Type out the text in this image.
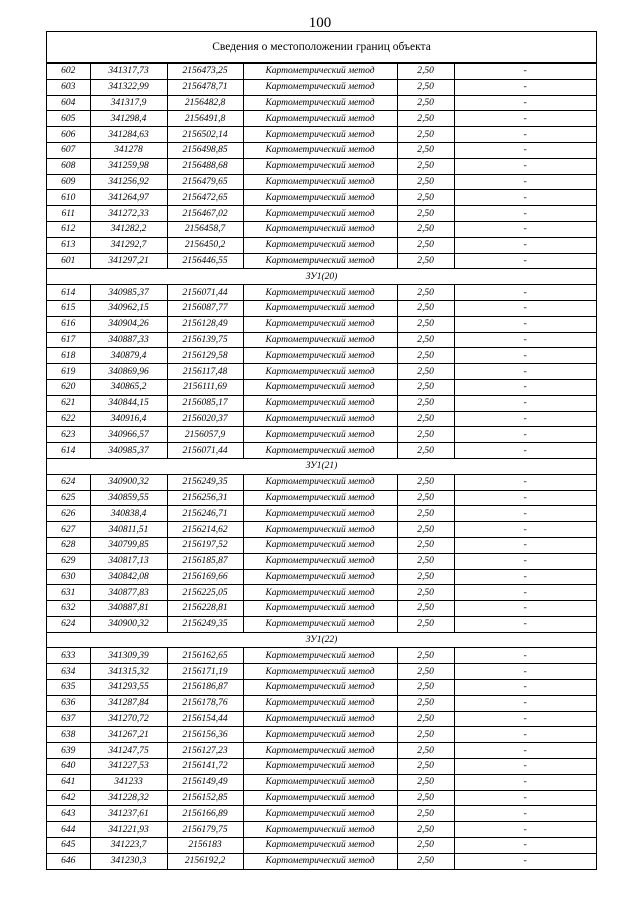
100
Сведения о местоположении границ объекта
602	341317,73	2156473,25	Картометрический метод	2,50	-
603	341322,99	2156478,71	Картометрический метод	2,50	-
604	341317,9	2156482,8	Картометрический метод	2,50	-
605	341298,4	2156491,8	Картометрический метод	2,50	-
606	341284,63	2156502,14	Картометрический метод	2,50	-
607	341278	2156498,85	Картометрический метод	2,50	-
608	341259,98	2156488,68	Картометрический метод	2,50	-
609	341256,92	2156479,65	Картометрический метод	2,50	-
610	341264,97	2156472,65	Картометрический метод	2,50	-
611	341272,33	2156467,02	Картометрический метод	2,50	-
612	341282,2	2156458,7	Картометрический метод	2,50	-
613	341292,7	2156450,2	Картометрический метод	2,50	-
601	341297,21	2156446,55	Картометрический метод	2,50	-
ЗУ1(20)					
614	340985,37	2156071,44	Картометрический метод	2,50	-
615	340962,15	2156087,77	Картометрический метод	2,50	-
616	340904,26	2156128,49	Картометрический метод	2,50	-
617	340887,33	2156139,75	Картометрический метод	2,50	-
618	340879,4	2156129,58	Картометрический метод	2,50	-
619	340869,96	2156117,48	Картометрический метод	2,50	-
620	340865,2	2156111,69	Картометрический метод	2,50	-
621	340844,15	2156085,17	Картометрический метод	2,50	-
622	340916,4	2156020,37	Картометрический метод	2,50	-
623	340966,57	2156057,9	Картометрический метод	2,50	-
614	340985,37	2156071,44	Картометрический метод	2,50	-
ЗУ1(21)					
624	340900,32	2156249,35	Картометрический метод	2,50	-
625	340859,55	2156256,31	Картометрический метод	2,50	-
626	340838,4	2156246,71	Картометрический метод	2,50	-
627	340811,51	2156214,62	Картометрический метод	2,50	-
628	340799,85	2156197,52	Картометрический метод	2,50	-
629	340817,13	2156185,87	Картометрический метод	2,50	-
630	340842,08	2156169,66	Картометрический метод	2,50	-
631	340877,83	2156225,05	Картометрический метод	2,50	-
632	340887,81	2156228,81	Картометрический метод	2,50	-
624	340900,32	2156249,35	Картометрический метод	2,50	-
ЗУ1(22)					
633	341309,39	2156162,65	Картометрический метод	2,50	-
634	341315,32	2156171,19	Картометрический метод	2,50	-
635	341293,55	2156186,87	Картометрический метод	2,50	-
636	341287,84	2156178,76	Картометрический метод	2,50	-
637	341270,72	2156154,44	Картометрический метод	2,50	-
638	341267,21	2156156,36	Картометрический метод	2,50	-
639	341247,75	2156127,23	Картометрический метод	2,50	-
640	341227,53	2156141,72	Картометрический метод	2,50	-
641	341233	2156149,49	Картометрический метод	2,50	-
642	341228,32	2156152,85	Картометрический метод	2,50	-
643	341237,61	2156166,89	Картометрический метод	2,50	-
644	341221,93	2156179,75	Картометрический метод	2,50	-
645	341223,7	2156183	Картометрический метод	2,50	-
646	341230,3	2156192,2	Картометрический метод	2,50	-
